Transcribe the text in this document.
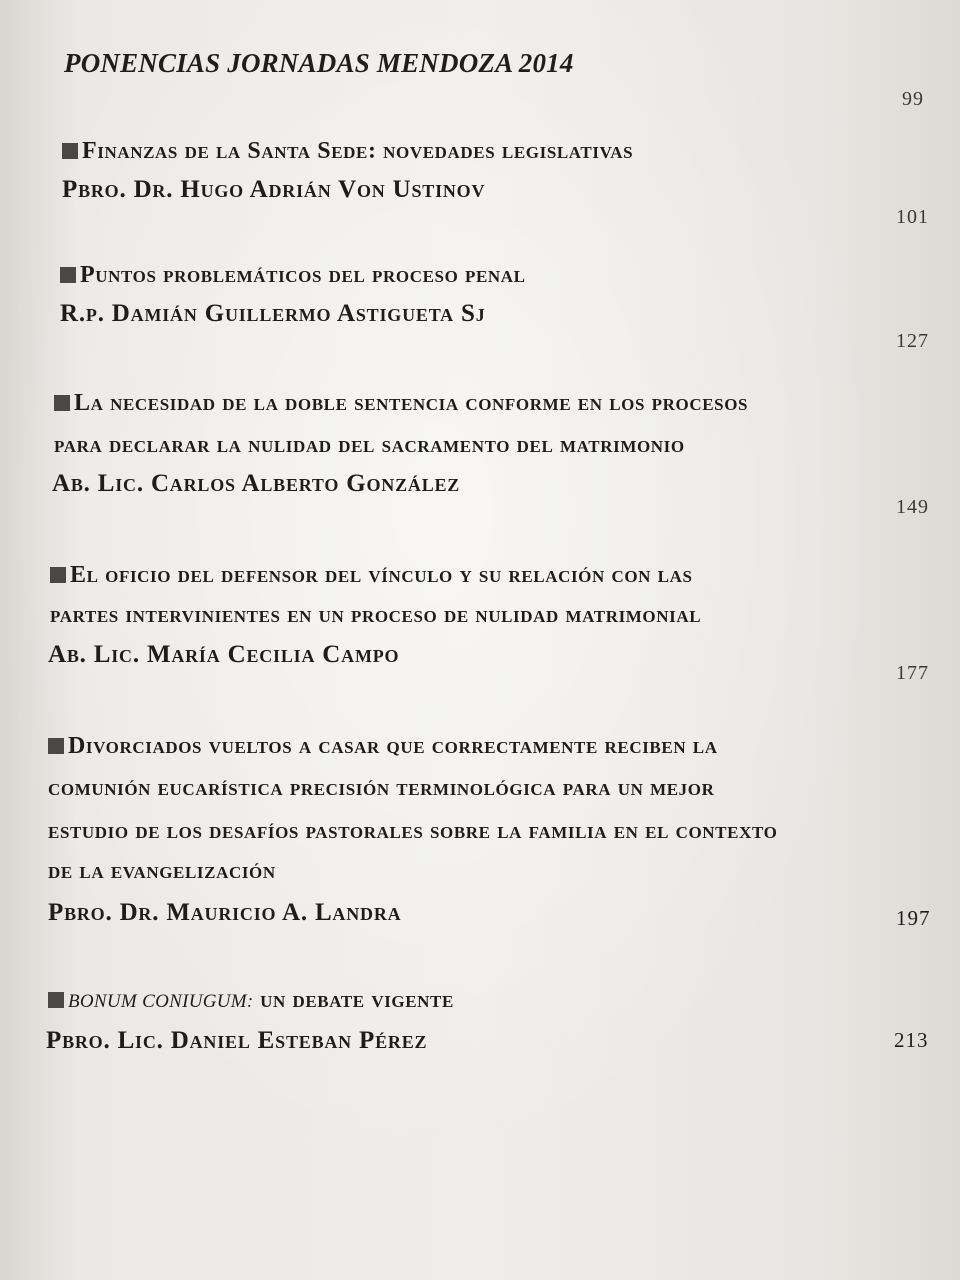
PONENCIAS JORNADAS MENDOZA 2014
99
Finanzas de la Santa Sede: novedades legislativas
Pbro. Dr. Hugo Adrián Von Ustinov
101
Puntos problemáticos del proceso penal
R.p. Damián Guillermo Astigueta Sj
127
La necesidad de la doble sentencia conforme en los procesos
para declarar la nulidad del sacramento del matrimonio
Ab. Lic. Carlos Alberto González
149
El oficio del defensor del vínculo y su relación con las
partes intervinientes en un proceso de nulidad matrimonial
Ab. Lic. María Cecilia Campo
177
Divorciados vueltos a casar que correctamente reciben la
comunión eucarística precisión terminológica para un mejor
estudio de los desafíos pastorales sobre la familia en el contexto
de la evangelización
Pbro. Dr. Mauricio A. Landra	197
BONUM CONIUGUM: un debate vigente
Pbro. Lic. Daniel Esteban Pérez	213
